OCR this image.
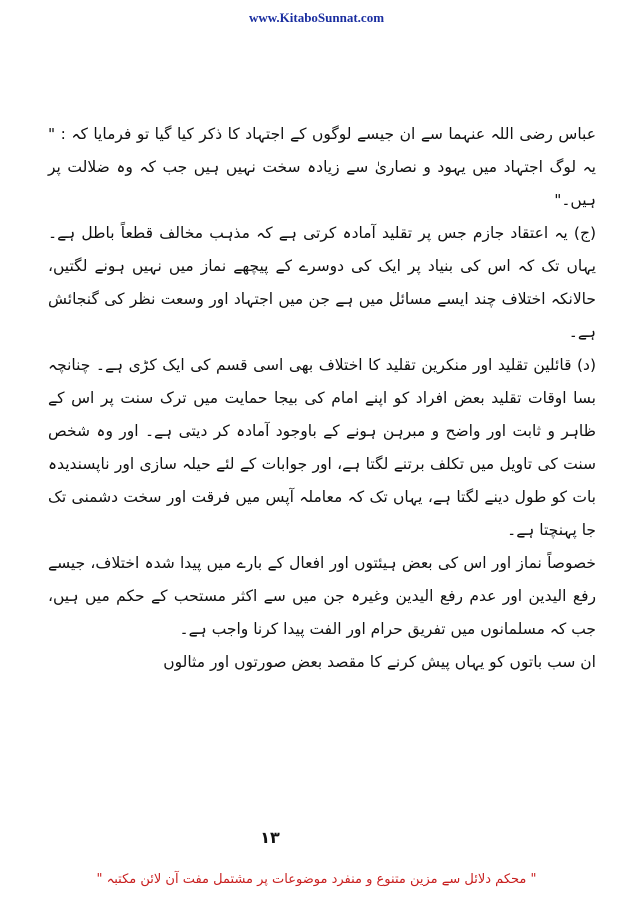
www.KitaboSunnat.com

عباس رضی اللہ عنہما سے ان جیسے لوگوں کے اجتہاد کا ذکر کیا گیا تو فرمایا کہ : " یہ لوگ اجتہاد میں یہود و نصاریٰ سے زیادہ سخت نہیں ہیں جب کہ وہ ضلالت پر ہیں۔"

(ج) یہ اعتقاد جازم جس پر تقلید آمادہ کرتی ہے کہ مذہب مخالف قطعاً باطل ہے۔ یہاں تک کہ اس کی بنیاد پر ایک کی دوسرے کے پیچھے نماز میں نہیں ہونے لگتیں، حالانکہ اختلاف چند ایسے مسائل میں ہے جن میں اجتہاد اور وسعت نظر کی گنجائش ہے۔

(د) قائلین تقلید اور منکرین تقلید کا اختلاف بھی اسی قسم کی ایک کڑی ہے۔ چنانچہ بسا اوقات تقلید بعض افراد کو اپنے امام کی بیجا حمایت میں ترک سنت پر اس کے ظاہر و ثابت اور واضح و مبرہن ہونے کے باوجود آمادہ کر دیتی ہے۔ اور وہ شخص سنت کی تاویل میں تکلف برتنے لگتا ہے، اور جوابات کے لئے حیلہ سازی اور ناپسندیدہ بات کو طول دینے لگتا ہے، یہاں تک کہ معاملہ آپس میں فرقت اور سخت دشمنی تک جا پہنچتا ہے۔

خصوصاً نماز اور اس کی بعض ہیئتوں اور افعال کے بارے میں پیدا شدہ اختلاف، جیسے رفع الیدین اور عدم رفع الیدین وغیرہ جن میں سے اکثر مستحب کے حکم میں ہیں، جب کہ مسلمانوں میں تفریق حرام اور الفت پیدا کرنا واجب ہے۔

ان سب باتوں کو یہاں پیش کرنے کا مقصد بعض صورتوں اور مثالوں

۱۳
" محکم دلائل سے مزین متنوع و منفرد موضوعات پر مشتمل مفت آن لائن مکتبہ "
